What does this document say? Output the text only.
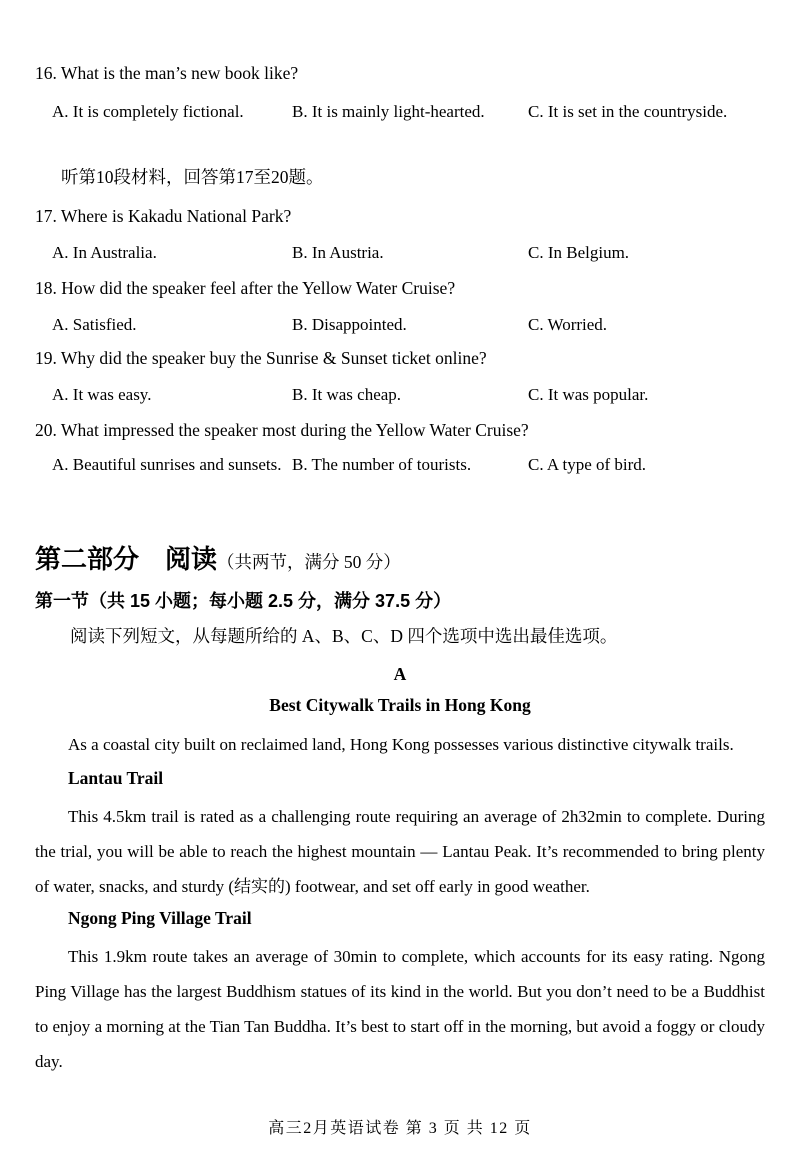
16. What is the man’s new book like?
A. It is completely fictional.	B. It is mainly light-hearted.	C. It is set in the countryside.
听第10段材料，回答第17至20题。
17. Where is Kakadu National Park?
A. In Australia.	B. In Austria.	C. In Belgium.
18. How did the speaker feel after the Yellow Water Cruise?
A. Satisfied.	B. Disappointed.	C. Worried.
19. Why did the speaker buy the Sunrise & Sunset ticket online?
A. It was easy.	B. It was cheap.	C. It was popular.
20. What impressed the speaker most during the Yellow Water Cruise?
A. Beautiful sunrises and sunsets. B. The number of tourists.	C. A type of bird.
第二部分　阅读（共两节，满分 50 分）
第一节（共 15 小题；每小题 2.5 分，满分 37.5 分）
阅读下列短文，从每题所给的 A、B、C、D 四个选项中选出最佳选项。
A
Best Citywalk Trails in Hong Kong
As a coastal city built on reclaimed land, Hong Kong possesses various distinctive citywalk trails.
Lantau Trail
This 4.5km trail is rated as a challenging route requiring an average of 2h32min to complete. During the trial, you will be able to reach the highest mountain — Lantau Peak. It’s recommended to bring plenty of water, snacks, and sturdy (结实的) footwear, and set off early in good weather.
Ngong Ping Village Trail
This 1.9km route takes an average of 30min to complete, which accounts for its easy rating. Ngong Ping Village has the largest Buddhism statues of its kind in the world. But you don’t need to be a Buddhist to enjoy a morning at the Tian Tan Buddha. It’s best to start off in the morning, but avoid a foggy or cloudy day.
高三2月英语试卷 第 3 页 共 12 页
